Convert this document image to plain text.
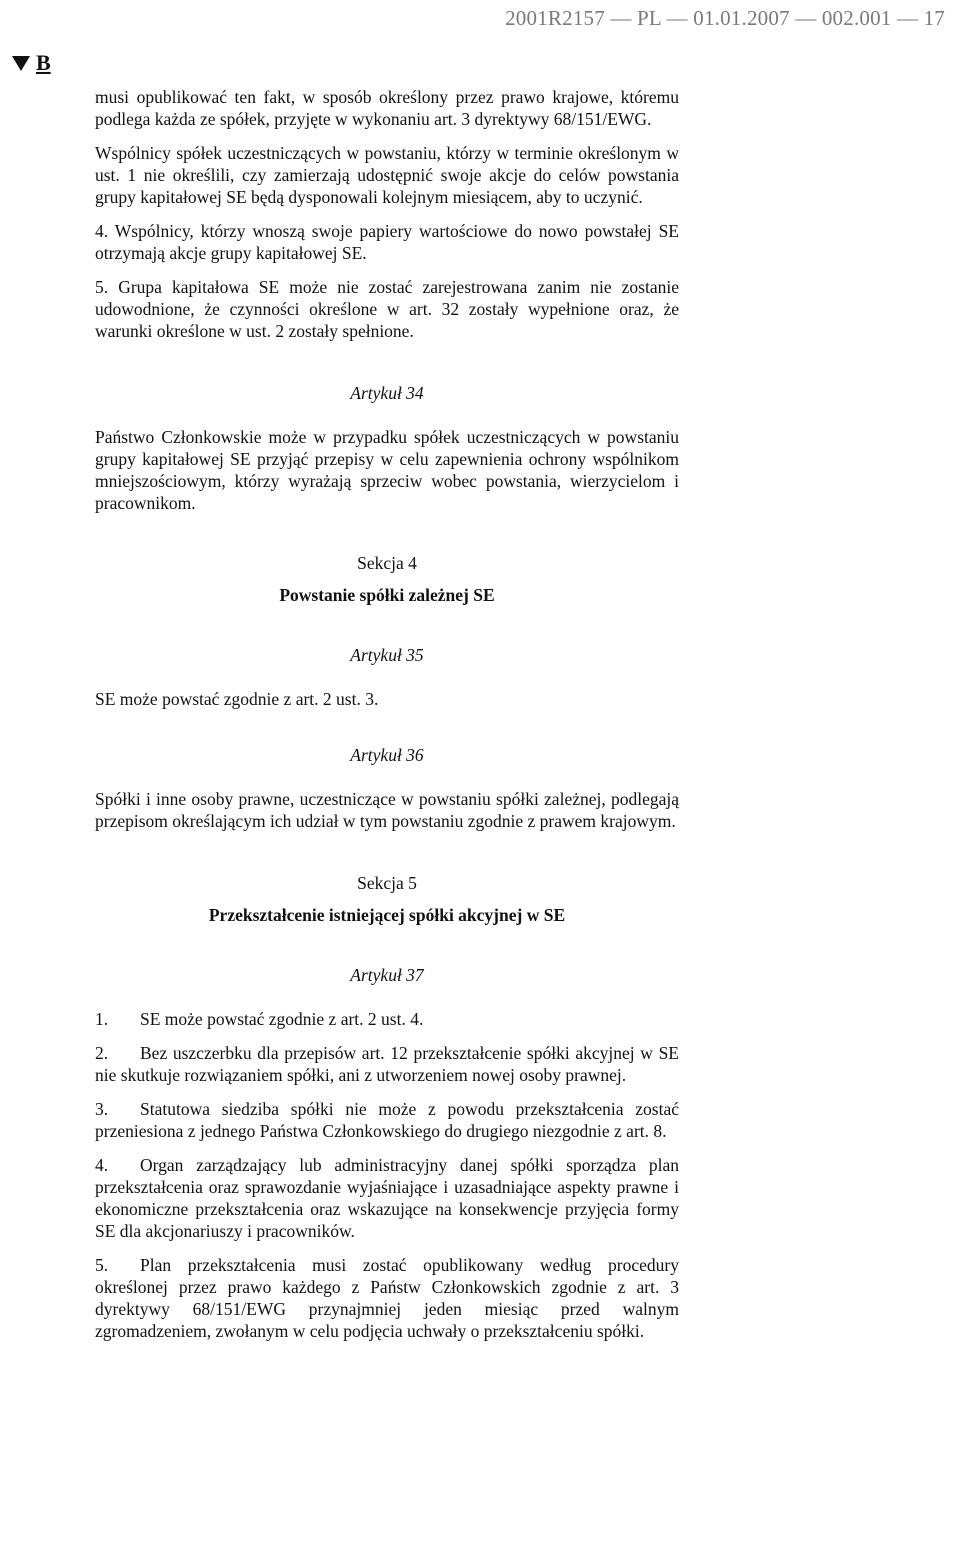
2001R2157 — PL — 01.01.2007 — 002.001 — 17
B

musi opublikować ten fakt, w sposób określony przez prawo krajowe, któremu podlega każda ze spółek, przyjęte w wykonaniu art. 3 dyrektywy 68/151/EWG.

Wspólnicy spółek uczestniczących w powstaniu, którzy w terminie określonym w ust. 1 nie określili, czy zamierzają udostępnić swoje akcje do celów powstania grupy kapitałowej SE będą dysponowali kolejnym miesiącem, aby to uczynić.

4. Wspólnicy, którzy wnoszą swoje papiery wartościowe do nowo powstałej SE otrzymają akcje grupy kapitałowej SE.

5. Grupa kapitałowa SE może nie zostać zarejestrowana zanim nie zostanie udowodnione, że czynności określone w art. 32 zostały wypełnione oraz, że warunki określone w ust. 2 zostały spełnione.

Artykuł 34

Państwo Członkowskie może w przypadku spółek uczestniczących w powstaniu grupy kapitałowej SE przyjąć przepisy w celu zapewnienia ochrony wspólnikom mniejszościowym, którzy wyrażają sprzeciw wobec powstania, wierzycielom i pracownikom.

Sekcja 4
Powstanie spółki zależnej SE
Artykuł 35

SE może powstać zgodnie z art. 2 ust. 3.

Artykuł 36

Spółki i inne osoby prawne, uczestniczące w powstaniu spółki zależnej, podlegają przepisom określającym ich udział w tym powstaniu zgodnie z prawem krajowym.

Sekcja 5
Przekształcenie istniejącej spółki akcyjnej w SE
Artykuł 37

1. SE może powstać zgodnie z art. 2 ust. 4.

2. Bez uszczerbku dla przepisów art. 12 przekształcenie spółki akcyjnej w SE nie skutkuje rozwiązaniem spółki, ani z utworzeniem nowej osoby prawnej.

3. Statutowa siedziba spółki nie może z powodu przekształcenia zostać przeniesiona z jednego Państwa Członkowskiego do drugiego niezgodnie z art. 8.

4. Organ zarządzający lub administracyjny danej spółki sporządza plan przekształcenia oraz sprawozdanie wyjaśniające i uzasadniające aspekty prawne i ekonomiczne przekształcenia oraz wskazujące na konsekwencje przyjęcia formy SE dla akcjonariuszy i pracowników.

5. Plan przekształcenia musi zostać opublikowany według procedury określonej przez prawo każdego z Państw Członkowskich zgodnie z art. 3 dyrektywy 68/151/EWG przynajmniej jeden miesiąc przed walnym zgromadzeniem, zwołanym w celu podjęcia uchwały o przekształceniu spółki.
